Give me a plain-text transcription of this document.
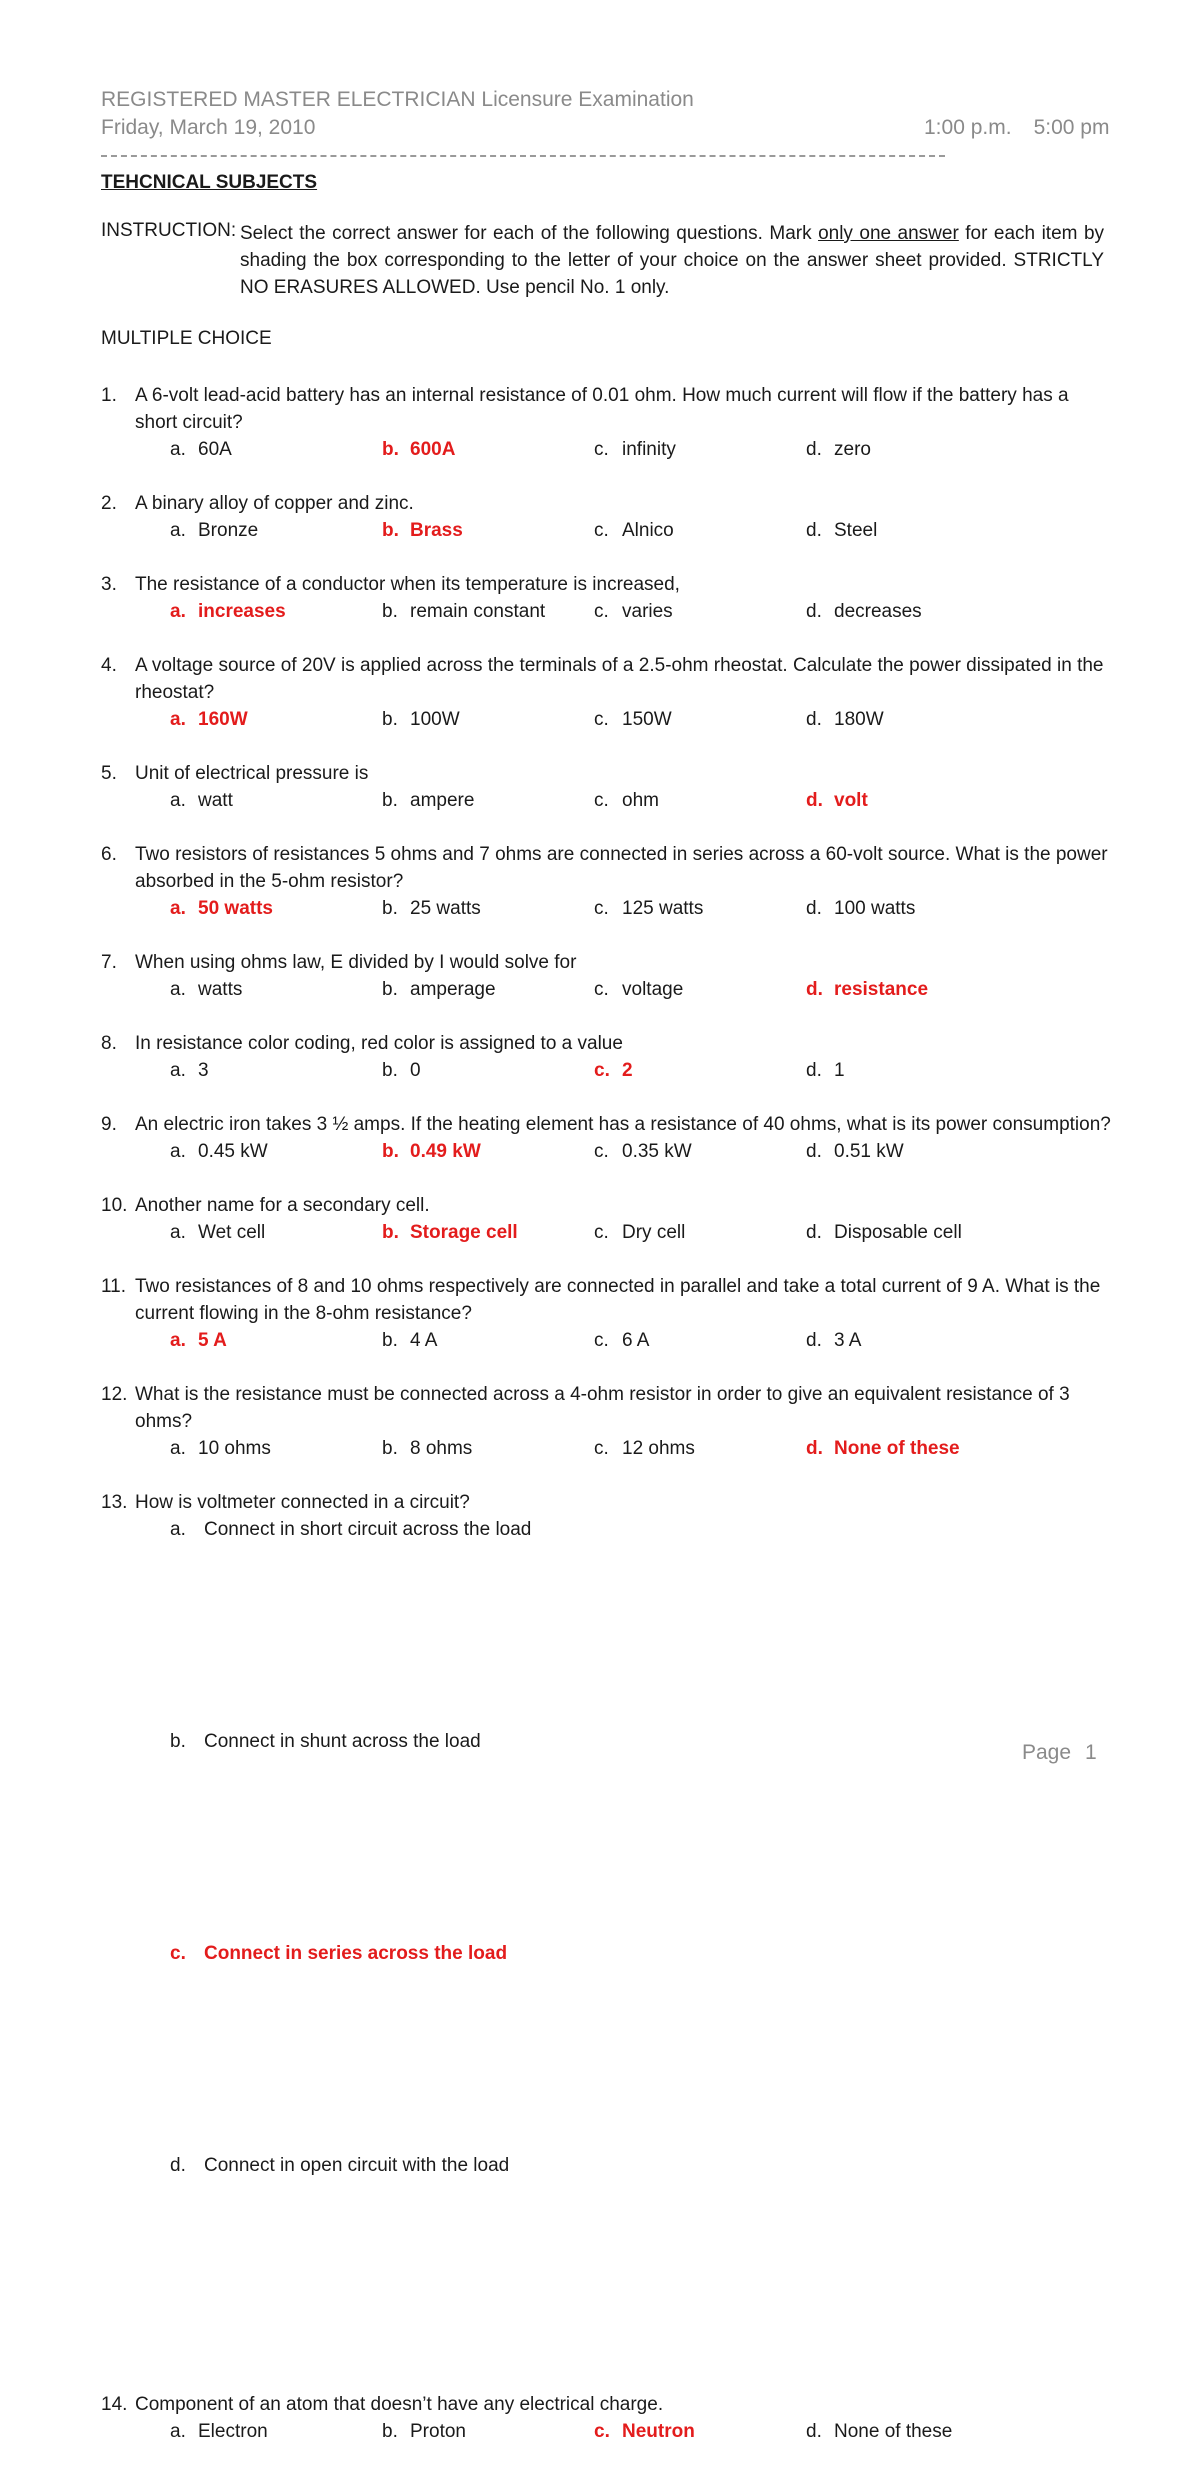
REGISTERED MASTER ELECTRICIAN Licensure Examination
Friday, March 19, 2010	1:00 p.m. 5:00 pm
TEHCNICAL SUBJECTS
INSTRUCTION: Select the correct answer for each of the following questions. Mark only one answer for each item by shading the box corresponding to the letter of your choice on the answer sheet provided. STRICTLY NO ERASURES ALLOWED. Use pencil No. 1 only.
MULTIPLE CHOICE
1. A 6-volt lead-acid battery has an internal resistance of 0.01 ohm. How much current will flow if the battery has a short circuit?
a. 60A	b. 600A	c. infinity	d. zero
2. A binary alloy of copper and zinc.
a. Bronze	b. Brass	c. Alnico	d. Steel
3. The resistance of a conductor when its temperature is increased,
a. increases	b. remain constant	c. varies	d. decreases
4. A voltage source of 20V is applied across the terminals of a 2.5-ohm rheostat. Calculate the power dissipated in the rheostat?
a. 160W	b. 100W	c. 150W	d. 180W
5. Unit of electrical pressure is
a. watt	b. ampere	c. ohm	d. volt
6. Two resistors of resistances 5 ohms and 7 ohms are connected in series across a 60-volt source. What is the power absorbed in the 5-ohm resistor?
a. 50 watts	b. 25 watts	c. 125 watts	d. 100 watts
7. When using ohms law, E divided by I would solve for
a. watts	b. amperage	c. voltage	d. resistance
8. In resistance color coding, red color is assigned to a value
a. 3	b. 0	c. 2	d. 1
9. An electric iron takes 3 ½ amps. If the heating element has a resistance of 40 ohms, what is its power consumption?
a. 0.45 kW	b. 0.49 kW	c. 0.35 kW	d. 0.51 kW
10. Another name for a secondary cell.
a. Wet cell	b. Storage cell	c. Dry cell	d. Disposable cell
11. Two resistances of 8 and 10 ohms respectively are connected in parallel and take a total current of 9 A. What is the current flowing in the 8-ohm resistance?
a. 5 A	b. 4 A	c. 6 A	d. 3 A
12. What is the resistance must be connected across a 4-ohm resistor in order to give an equivalent resistance of 3 ohms?
a. 10 ohms	b. 8 ohms	c. 12 ohms	d. None of these
13. How is voltmeter connected in a circuit?
a. Connect in short circuit across the load
b. Connect in shunt across the load
c. Connect in series across the load
d. Connect in open circuit with the load
14. Component of an atom that doesn’t have any electrical charge.
a. Electron	b. Proton	c. Neutron	d. None of these
Page 1
